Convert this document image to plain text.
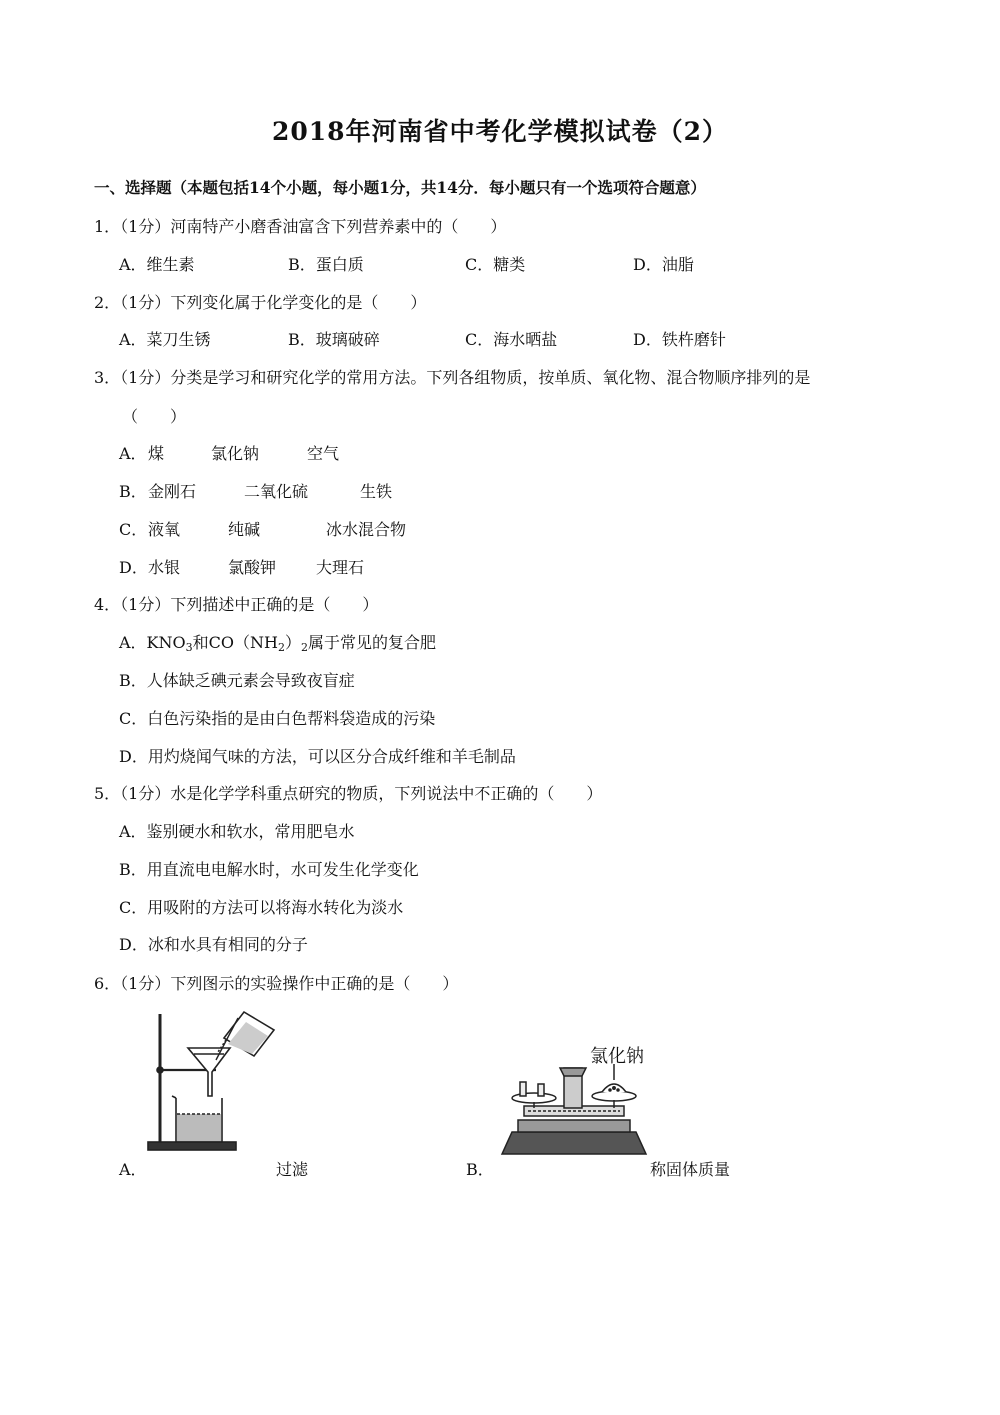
2018年河南省中考化学模拟试卷（2）
一、选择题（本题包括14个小题，每小题1分，共14分．每小题只有一个选项符合题意）
1．（1分）河南特产小磨香油富含下列营养素中的（　　）
A．维生素	B．蛋白质	C．糖类	D．油脂
2．（1分）下列变化属于化学变化的是（　　）
A．菜刀生锈	B．玻璃破碎	C．海水晒盐	D．铁杵磨针
3．（1分）分类是学习和研究化学的常用方法。下列各组物质，按单质、氧化物、混合物顺序排列的是
（　　）
A． 煤	氯化钠	空气
B． 金刚石	二氧化硫	生铁
C． 液氧	纯碱	冰水混合物
D． 水银	氯酸钾 大理石
4．（1分）下列描述中正确的是（　　）
A．$KNO_3$和$CO(NH_2)_2$属于常见的复合肥
B．人体缺乏碘元素会导致夜盲症
C．白色污染指的是由白色帮料袋造成的污染
D．用灼烧闻气味的方法，可以区分合成纤维和羊毛制品
5．（1分）水是化学学科重点研究的物质，下列说法中不正确的（　　）
A．鉴别硬水和软水，常用肥皂水
B．用直流电电解水时，水可发生化学变化
C．用吸附的方法可以将海水转化为淡水
D．冰和水具有相同的分子
6．（1分）下列图示的实验操作中正确的是（　　）
A．	过滤
氯化钠
B．	称固体质量
